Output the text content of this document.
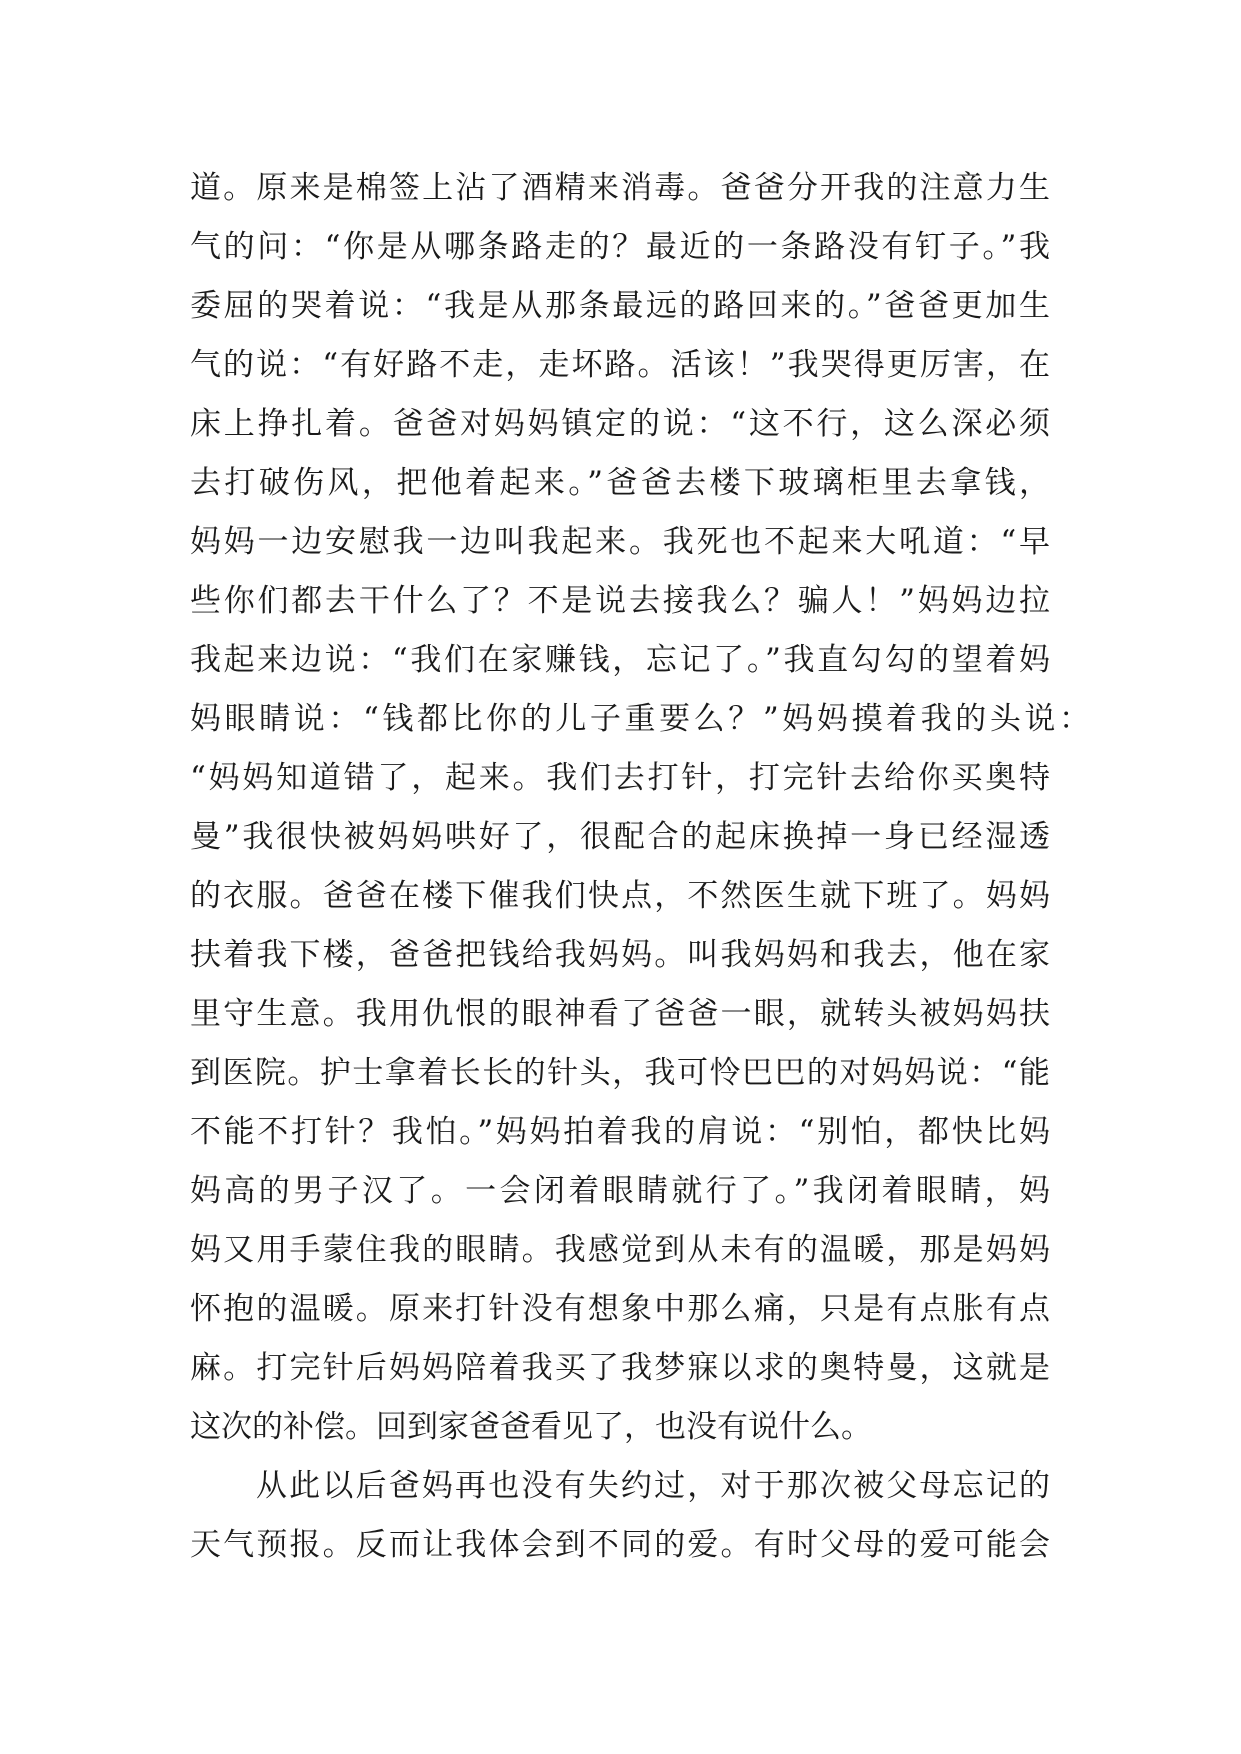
道。原来是棉签上沾了酒精来消毒。爸爸分开我的注意力生
气的问：“你是从哪条路走的？最近的一条路没有钉子。”我
委屈的哭着说：“我是从那条最远的路回来的。”爸爸更加生
气的说：“有好路不走，走坏路。活该！”我哭得更厉害，在
床上挣扎着。爸爸对妈妈镇定的说：“这不行，这么深必须
去打破伤风，把他着起来。”爸爸去楼下玻璃柜里去拿钱，
妈妈一边安慰我一边叫我起来。我死也不起来大吼道：“早
些你们都去干什么了？不是说去接我么？骗人！”妈妈边拉
我起来边说：“我们在家赚钱，忘记了。”我直勾勾的望着妈
妈眼睛说：“钱都比你的儿子重要么？”妈妈摸着我的头说：
“妈妈知道错了，起来。我们去打针，打完针去给你买奥特
曼”我很快被妈妈哄好了，很配合的起床换掉一身已经湿透
的衣服。爸爸在楼下催我们快点，不然医生就下班了。妈妈
扶着我下楼，爸爸把钱给我妈妈。叫我妈妈和我去，他在家
里守生意。我用仇恨的眼神看了爸爸一眼，就转头被妈妈扶
到医院。护士拿着长长的针头，我可怜巴巴的对妈妈说：“能
不能不打针？我怕。”妈妈拍着我的肩说：“别怕，都快比妈
妈高的男子汉了。一会闭着眼睛就行了。”我闭着眼睛，妈
妈又用手蒙住我的眼睛。我感觉到从未有的温暖，那是妈妈
怀抱的温暖。原来打针没有想象中那么痛，只是有点胀有点
麻。打完针后妈妈陪着我买了我梦寐以求的奥特曼，这就是
这次的补偿。回到家爸爸看见了，也没有说什么。
从此以后爸妈再也没有失约过，对于那次被父母忘记的
天气预报。反而让我体会到不同的爱。有时父母的爱可能会
